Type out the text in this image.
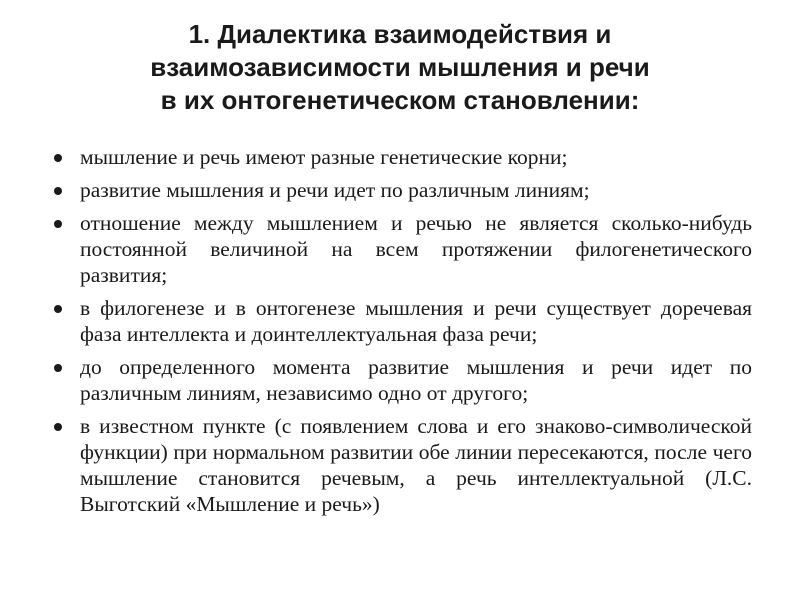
1. Диалектика взаимодействия и
взаимозависимости мышления и речи
в их онтогенетическом становлении:
мышление и речь имеют разные генетические корни;
развитие мышления и речи идет по различным линиям;
отношение между мышлением и речью не является сколько-нибудь постоянной величиной на всем протяжении филогенетического развития;
в филогенезе и в онтогенезе мышления и речи существует доречевая фаза интеллекта и доинтеллектуальная фаза речи;
до определенного момента развитие мышления и речи идет по различным линиям, независимо одно от другого;
в известном пункте (с появлением слова и его знаково-символической функции) при нормальном развитии обе линии пересекаются, после чего мышление становится речевым, а речь интеллектуальной (Л.С. Выготский «Мышление и речь»)
